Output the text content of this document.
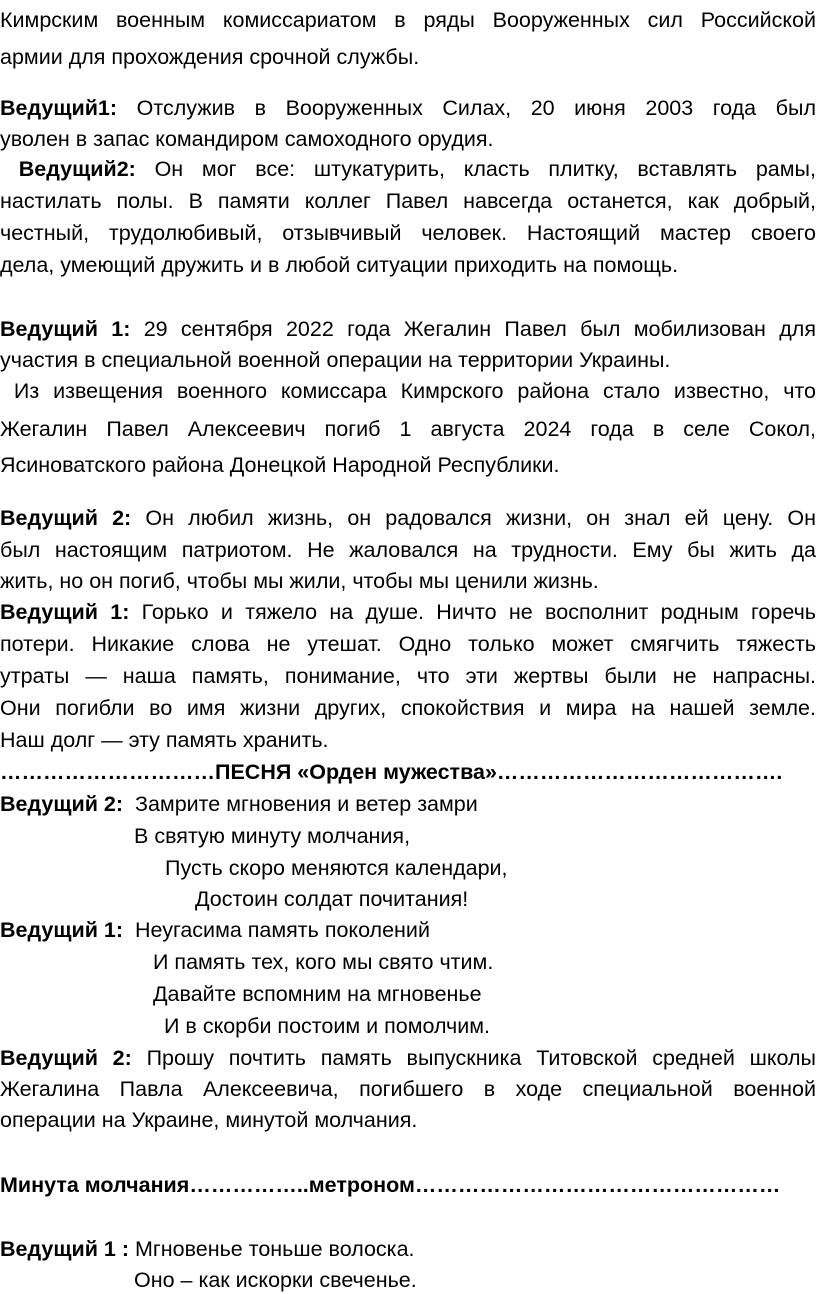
Кимрским военным комиссариатом в ряды Вооруженных сил Российской
армии для прохождения срочной службы.
Ведущий1: Отслужив в Вооруженных Силах, 20 июня 2003 года был
уволен в запас командиром самоходного орудия.
Ведущий2: Он мог все: штукатурить, класть плитку, вставлять рамы,
настилать полы. В памяти коллег Павел навсегда останется, как добрый,
честный, трудолюбивый, отзывчивый человек. Настоящий мастер своего
дела, умеющий дружить и в любой ситуации приходить на помощь.
Ведущий 1: 29 сентября 2022 года Жегалин Павел был мобилизован для
участия в специальной военной операции на территории Украины.
Из извещения военного комиссара Кимрского района стало известно, что
Жегалин Павел Алексеевич погиб 1 августа 2024 года в селе Сокол,
Ясиноватского района Донецкой Народной Республики.
Ведущий 2: Он любил жизнь, он радовался жизни, он знал ей цену. Он
был настоящим патриотом. Не жаловался на трудности. Ему бы жить да
жить, но он погиб, чтобы мы жили, чтобы мы ценили жизнь.
Ведущий 1: Горько и тяжело на душе. Ничто не восполнит родным горечь
потери. Никакие слова не утешат. Одно только может смягчить тяжесть
утраты — наша память, понимание, что эти жертвы были не напрасны.
Они погибли во имя жизни других, спокойствия и мира на нашей земле.
Наш долг — эту память хранить.
…………………………ПЕСНЯ «Орден мужества»………………………………….
Ведущий 2: Замрите мгновения и ветер замри
В святую минуту молчания,
Пусть скоро меняются календари,
Достоин солдат почитания!
Ведущий 1: Неугасима память поколений
И память тех, кого мы свято чтим.
Давайте вспомним на мгновенье
И в скорби постоим и помолчим.
Ведущий 2: Прошу почтить память выпускника Титовской средней школы
Жегалина Павла Алексеевича, погибшего в ходе специальной военной
операции на Украине, минутой молчания.
Минута молчания……………..метроном……………………………………………
Ведущий 1 : Мгновенье тоньше волоска.
Оно – как искорки свеченье.
